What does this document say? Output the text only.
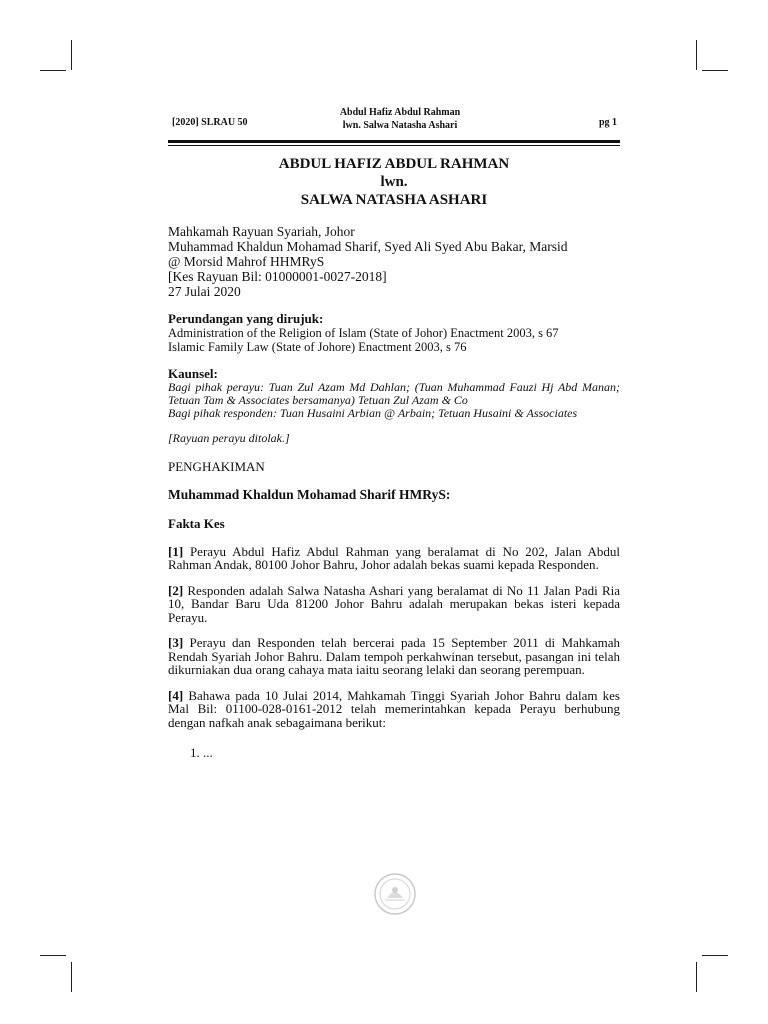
[2020] SLRAU 50
Abdul Hafiz Abdul Rahman
lwn. Salwa Natasha Ashari	pg 1
ABDUL HAFIZ ABDUL RAHMAN
lwn.
SALWA NATASHA ASHARI
Mahkamah Rayuan Syariah, Johor
Muhammad Khaldun Mohamad Sharif, Syed Ali Syed Abu Bakar, Marsid
@ Morsid Mahrof HHMRyS
[Kes Rayuan Bil: 01000001-0027-2018]
27 Julai 2020
Perundangan yang dirujuk:
Administration of the Religion of Islam (State of Johor) Enactment 2003, s 67
Islamic Family Law (State of Johore) Enactment 2003, s 76
Kaunsel:
Bagi pihak perayu: Tuan Zul Azam Md Dahlan; (Tuan Muhammad Fauzi Hj Abd Manan; Tetuan Tam & Associates bersamanya) Tetuan Zul Azam & Co
Bagi pihak responden: Tuan Husaini Arbian @ Arbain; Tetuan Husaini & Associates
[Rayuan perayu ditolak.]
PENGHAKIMAN
Muhammad Khaldun Mohamad Sharif HMRyS:
Fakta Kes

[1] Perayu Abdul Hafiz Abdul Rahman yang beralamat di No 202, Jalan Abdul Rahman Andak, 80100 Johor Bahru, Johor adalah bekas suami kepada Responden.

[2] Responden adalah Salwa Natasha Ashari yang beralamat di No 11 Jalan Padi Ria 10, Bandar Baru Uda 81200 Johor Bahru adalah merupakan bekas isteri kepada Perayu.

[3] Perayu dan Responden telah bercerai pada 15 September 2011 di Mahkamah Rendah Syariah Johor Bahru. Dalam tempoh perkahwinan tersebut, pasangan ini telah dikurniakan dua orang cahaya mata iaitu seorang lelaki dan seorang perempuan.

[4] Bahawa pada 10 Julai 2014, Mahkamah Tinggi Syariah Johor Bahru dalam kes Mal Bil: 01100-028-0161-2012 telah memerintahkan kepada Perayu berhubung dengan nafkah anak sebagaimana berikut:

1. ...
